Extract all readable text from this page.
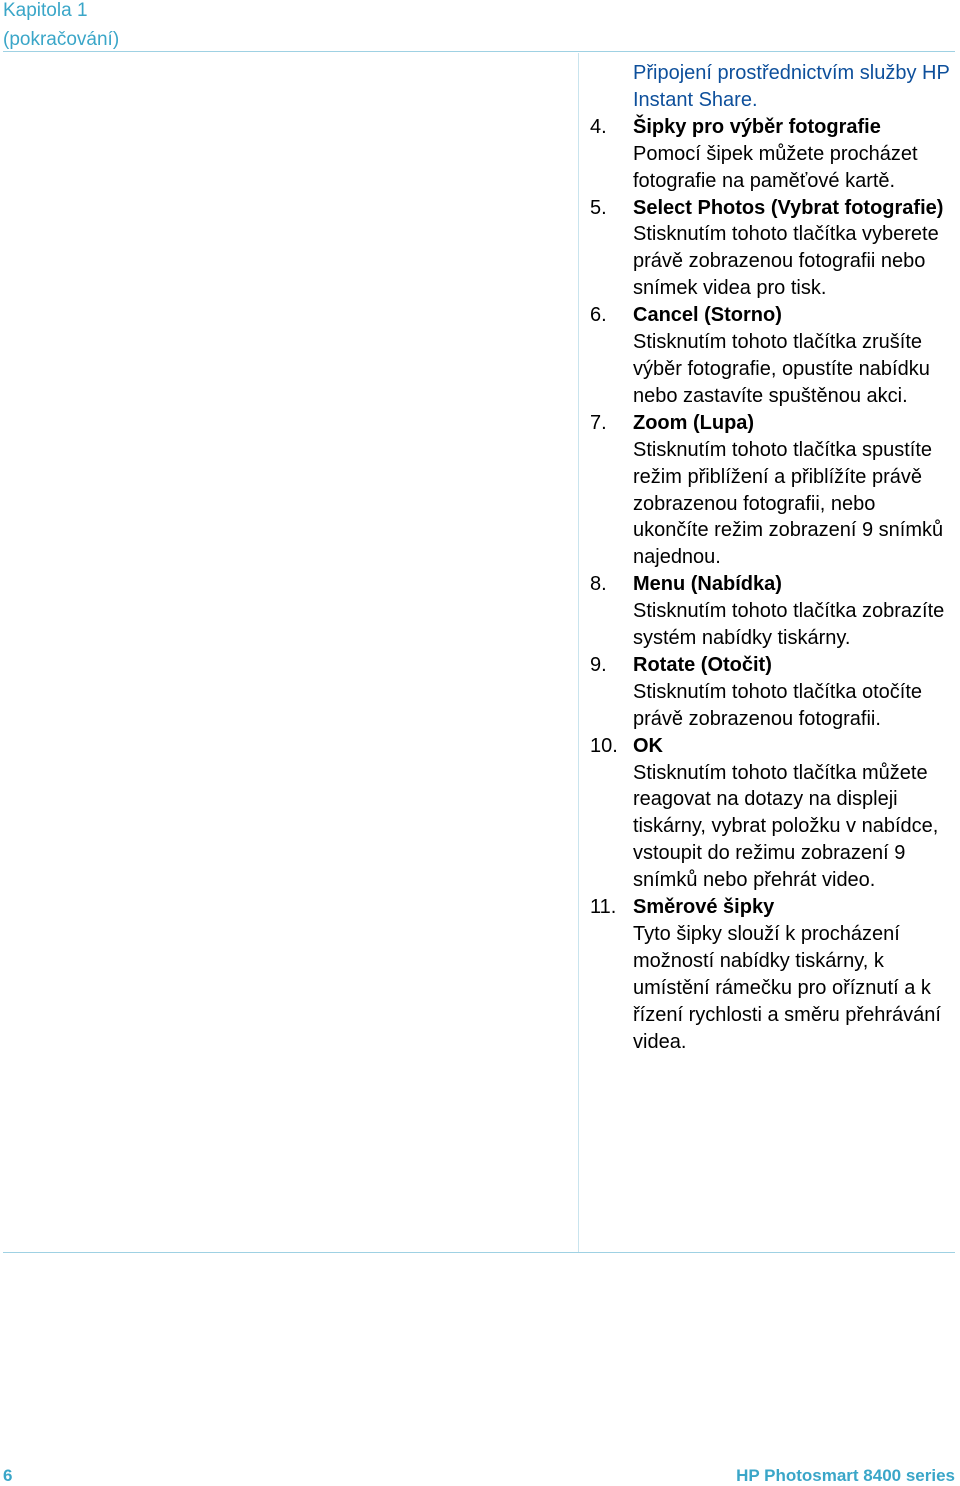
Kapitola 1
(pokračování)
Připojení prostřednictvím služby HP Instant Share.
4. Šipky pro výběr fotografie
Pomocí šipek můžete procházet fotografie na paměťové kartě.
5. Select Photos (Vybrat fotografie)
Stisknutím tohoto tlačítka vyberete právě zobrazenou fotografii nebo snímek videa pro tisk.
6. Cancel (Storno)
Stisknutím tohoto tlačítka zrušíte výběr fotografie, opustíte nabídku nebo zastavíte spuštěnou akci.
7. Zoom (Lupa)
Stisknutím tohoto tlačítka spustíte režim přiblížení a přiblížíte právě zobrazenou fotografii, nebo ukončíte režim zobrazení 9 snímků najednou.
8. Menu (Nabídka)
Stisknutím tohoto tlačítka zobrazíte systém nabídky tiskárny.
9. Rotate (Otočit)
Stisknutím tohoto tlačítka otočíte právě zobrazenou fotografii.
10. OK
Stisknutím tohoto tlačítka můžete reagovat na dotazy na displeji tiskárny, vybrat položku v nabídce, vstoupit do režimu zobrazení 9 snímků nebo přehrát video.
11. Směrové šipky
Tyto šipky slouží k procházení možností nabídky tiskárny, k umístění rámečku pro oříznutí a k řízení rychlosti a směru přehrávání videa.
6	HP Photosmart 8400 series
